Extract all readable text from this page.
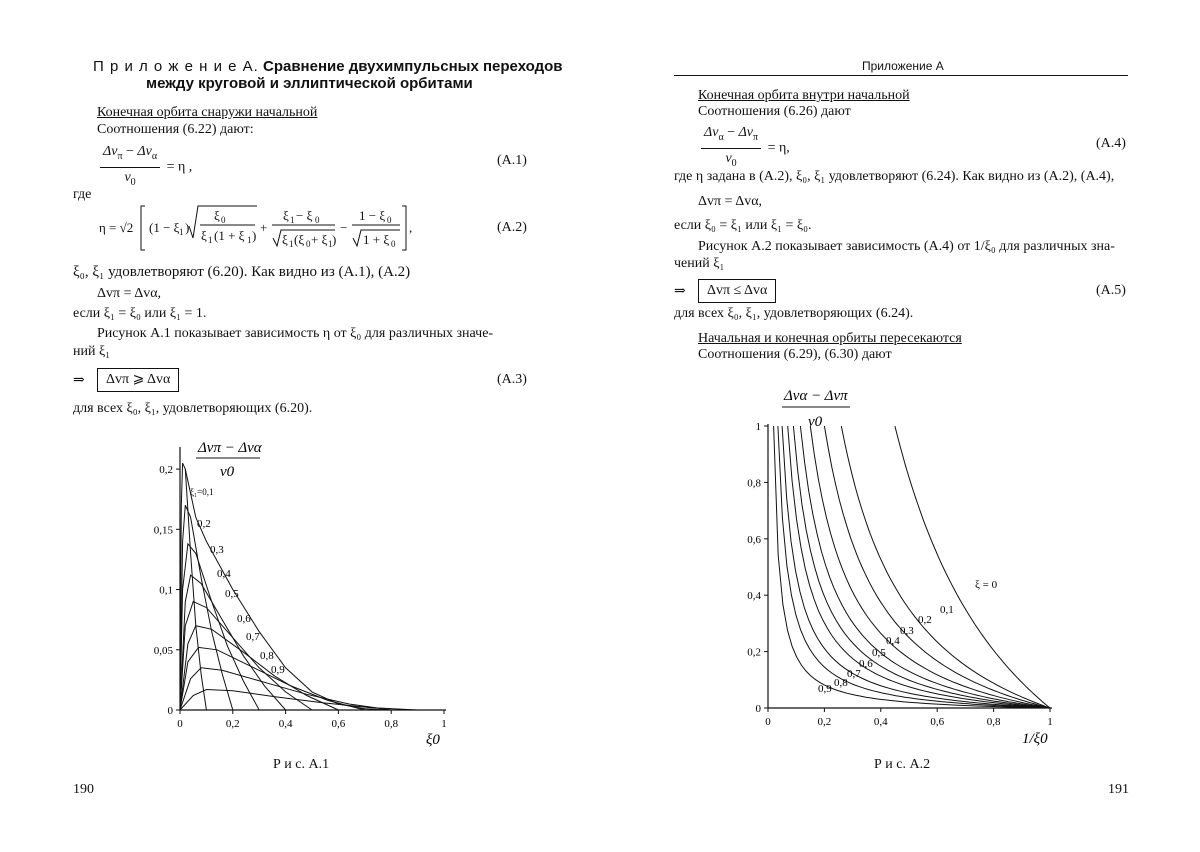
П р и л о ж е н и е А. Сравнение двухимпульсных переходов
между круговой и эллиптической орбитами
Конечная орбита снаружи начальной
Соотношения (6.22) дают:
$\frac{\Delta v_\pi - \Delta v_\alpha}{v_0} = \eta$ ,	(A.1)
где
η = √2 (1 − ξ 1 )
ξ 0
ξ 1 (1 + ξ 1 )
+
ξ 1 − ξ 0
ξ 1 (ξ 0 + ξ 1 )
−
1 − ξ 0
1 + ξ 0
,	(A.2)
ξ₀, ξ₁ удовлетворяют (6.20). Как видно из (A.1), (A.2)
Δvπ = Δvα,
если ξ₁ = ξ₀ или ξ₁ = 1.
Рисунок A.1 показывает зависимость η от ξ₀ для различных значе-
ний ξ₁
⇒	Δvπ ⩾ Δvα	(A.3)
для всех ξ₀, ξ₁, удовлетворяющих (6.20).
0	0,2	0,4	0,6	0,8	1
0
0,05
0,1
0,15
0,2
ξ₁=0,1
0,2
0,3
0,4
0,5
0,6
0,7
0,8
0,9
Δvπ − Δvα
v0
ξ0
Р и с. A.1
190
Приложение А
Конечная орбита внутри начальной
Соотношения (6.26) дают
$\frac{\Delta v_\alpha - \Delta v_\pi}{v_0} = \eta$,	(A.4)
где η задана в (A.2), ξ₀, ξ₁ удовлетворяют (6.24). Как видно из (A.2), (A.4),
Δvπ = Δvα,
если ξ₀ = ξ₁ или ξ₁ = ξ₀.
Рисунок A.2 показывает зависимость (A.4) от 1/ξ₀ для различных зна-
чений ξ₁
⇒	Δvπ ≤ Δvα	(A.5)
для всех ξ₀, ξ₁, удовлетворяющих (6.24).
Начальная и конечная орбиты пересекаются
Соотношения (6.29), (6.30) дают
0	0,2	0,4	0,6	0,8	1
0
0,2
0,4
0,6
0,8
1
ξ = 0
0,1
0,2
0,3
0,4
0,5
0,6
0,7
0,8
0,9
Δvα − Δvπ
v0
1/ξ0
Р и с. A.2
191
